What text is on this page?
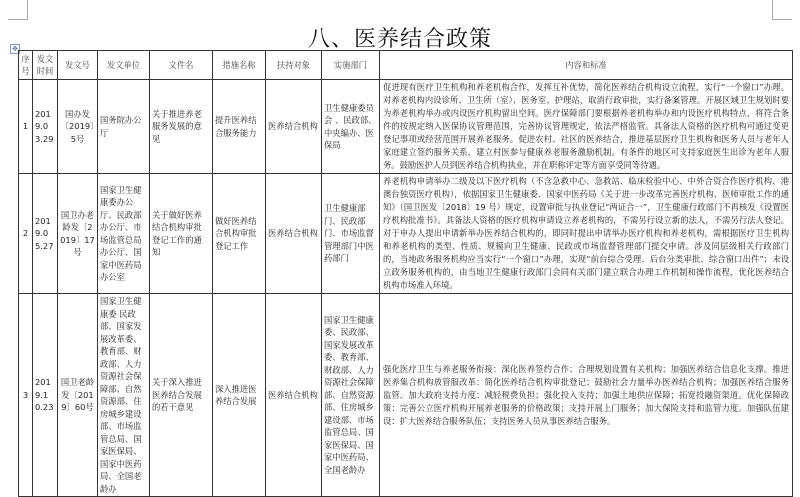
八、医养结合政策
✥
序号	发文时间	发文号	发文单位	文件名	措施名称	扶持对象	实施部门	内容和标准
1	2019.03.29	国办发〔2019〕5号	国务院办公厅	关于推进养老服务发展的意见	提升医养结合服务能力	医养结合机构	卫生健康委员会 、民政部、中央编办、医保局	促进现有医疗卫生机构和养老机构合作，发挥互补优势，简化医养结合机构设立流程，实行“一个窗口”办理。对养老机构内设诊所、卫生所（室）、医务室、护理站，取消行政审批，实行备案管理。开展区域卫生规划时要为养老机构举办或内设医疗机构留出空间。医疗保障部门要根据养老机构举办和内设医疗机构特点，将符合条件的按规定纳入医保协议管理范围，完善协议管理规定，依法严格监管。具备法人资格的医疗机构可通过变更登记事项或经营范围开展养老服务。促进农村、社区的医养结合，推进基层医疗卫生机构和医务人员与老年人家庭建立签约服务关系，建立村医参与健康养老服务激励机制。有条件的地区可支持家庭医生出诊为老年人服务。鼓励医护人员到医养结合机构执业，并在职称评定等方面享受同等待遇。
2	2019.05.27	国卫办老龄发〔2019〕17号	国家卫生健康委办公厅、民政部办公厅、市场监管总局办公厅、国家中医药局办公室	关于做好医养结合机构审批登记工作的通知	做好医养结合机构审批登记工作	医养结合机构	卫生健康部门、民政部门、市场监督管理部门中医药部门	养老机构申请举办二级及以下医疗机构（不含急救中心、急救站、临床检验中心、中外合资合作医疗机构、港澳台独资医疗机构），依据国家卫生健康委、国家中医药局《关于进一步改革完善医疗机构、医师审批工作的通知》（国卫医发〔2018〕19 号）规定，设置审批与执业登记“两证合一”，卫生健康行政部门不再核发《设置医疗机构批准书》。具备法人资格的医疗机构申请设立养老机构的，不需另行设立新的法人，不需另行法人登记。对于申办人提出申请新举办医养结合机构的，即同时提出申请举办医疗机构和养老机构，需根据医疗卫生机构和养老机构的类型、性质、规模向卫生健康、民政或市场监督管理部门提交申请。涉及同层级相关行政部门的，当地政务服务机构应当实行“一个窗口”办理，实现“前台综合受理、后台分类审批、综合窗口出件”；未设立政务服务机构的，由当地卫生健康行政部门会同有关部门建立联合办理工作机制和操作流程，优化医养结合机构市场准入环境。
3	2019.10.23	国卫老龄发〔2019〕60号	国家卫生健康委 民政部、国家发展改革委、教育部、财政部、人力资源社会保障部、自然资源部、住房城乡建设部、市场监管总局、国家医保局、国家中医药局、全国老龄办	关于深入推进医养结合发展的若干意见	深入推进医养结合发展	医养结合机构	国家卫生健康委、民政部、国家发展改革委、教育部、财政部、人力资源社会保障部、自然资源部、住房城乡建设部、市场监管总局、国家医保局、国家中医药局、全国老龄办	强化医疗卫生与养老服务衔接：深化医养签约合作；合理规划设置有关机构；加强医养结合信息化支撑。推进医养集合机构放管服改革：简化医养结合机构审批登记；鼓励社会力量举办医养结合机构；加强医养结合服务监管。加大政府支持力度：减轻税费负担；强化投入支持；加强土地供应保障；拓宽投融资渠道。优化保障政策：完善公立医疗机构开展养老服务的价格政策；支持开展上门服务；加大保险支持和监管力度。加强队伍建设：扩大医养结合服务队伍；支持医务人员从事医养结合服务。
